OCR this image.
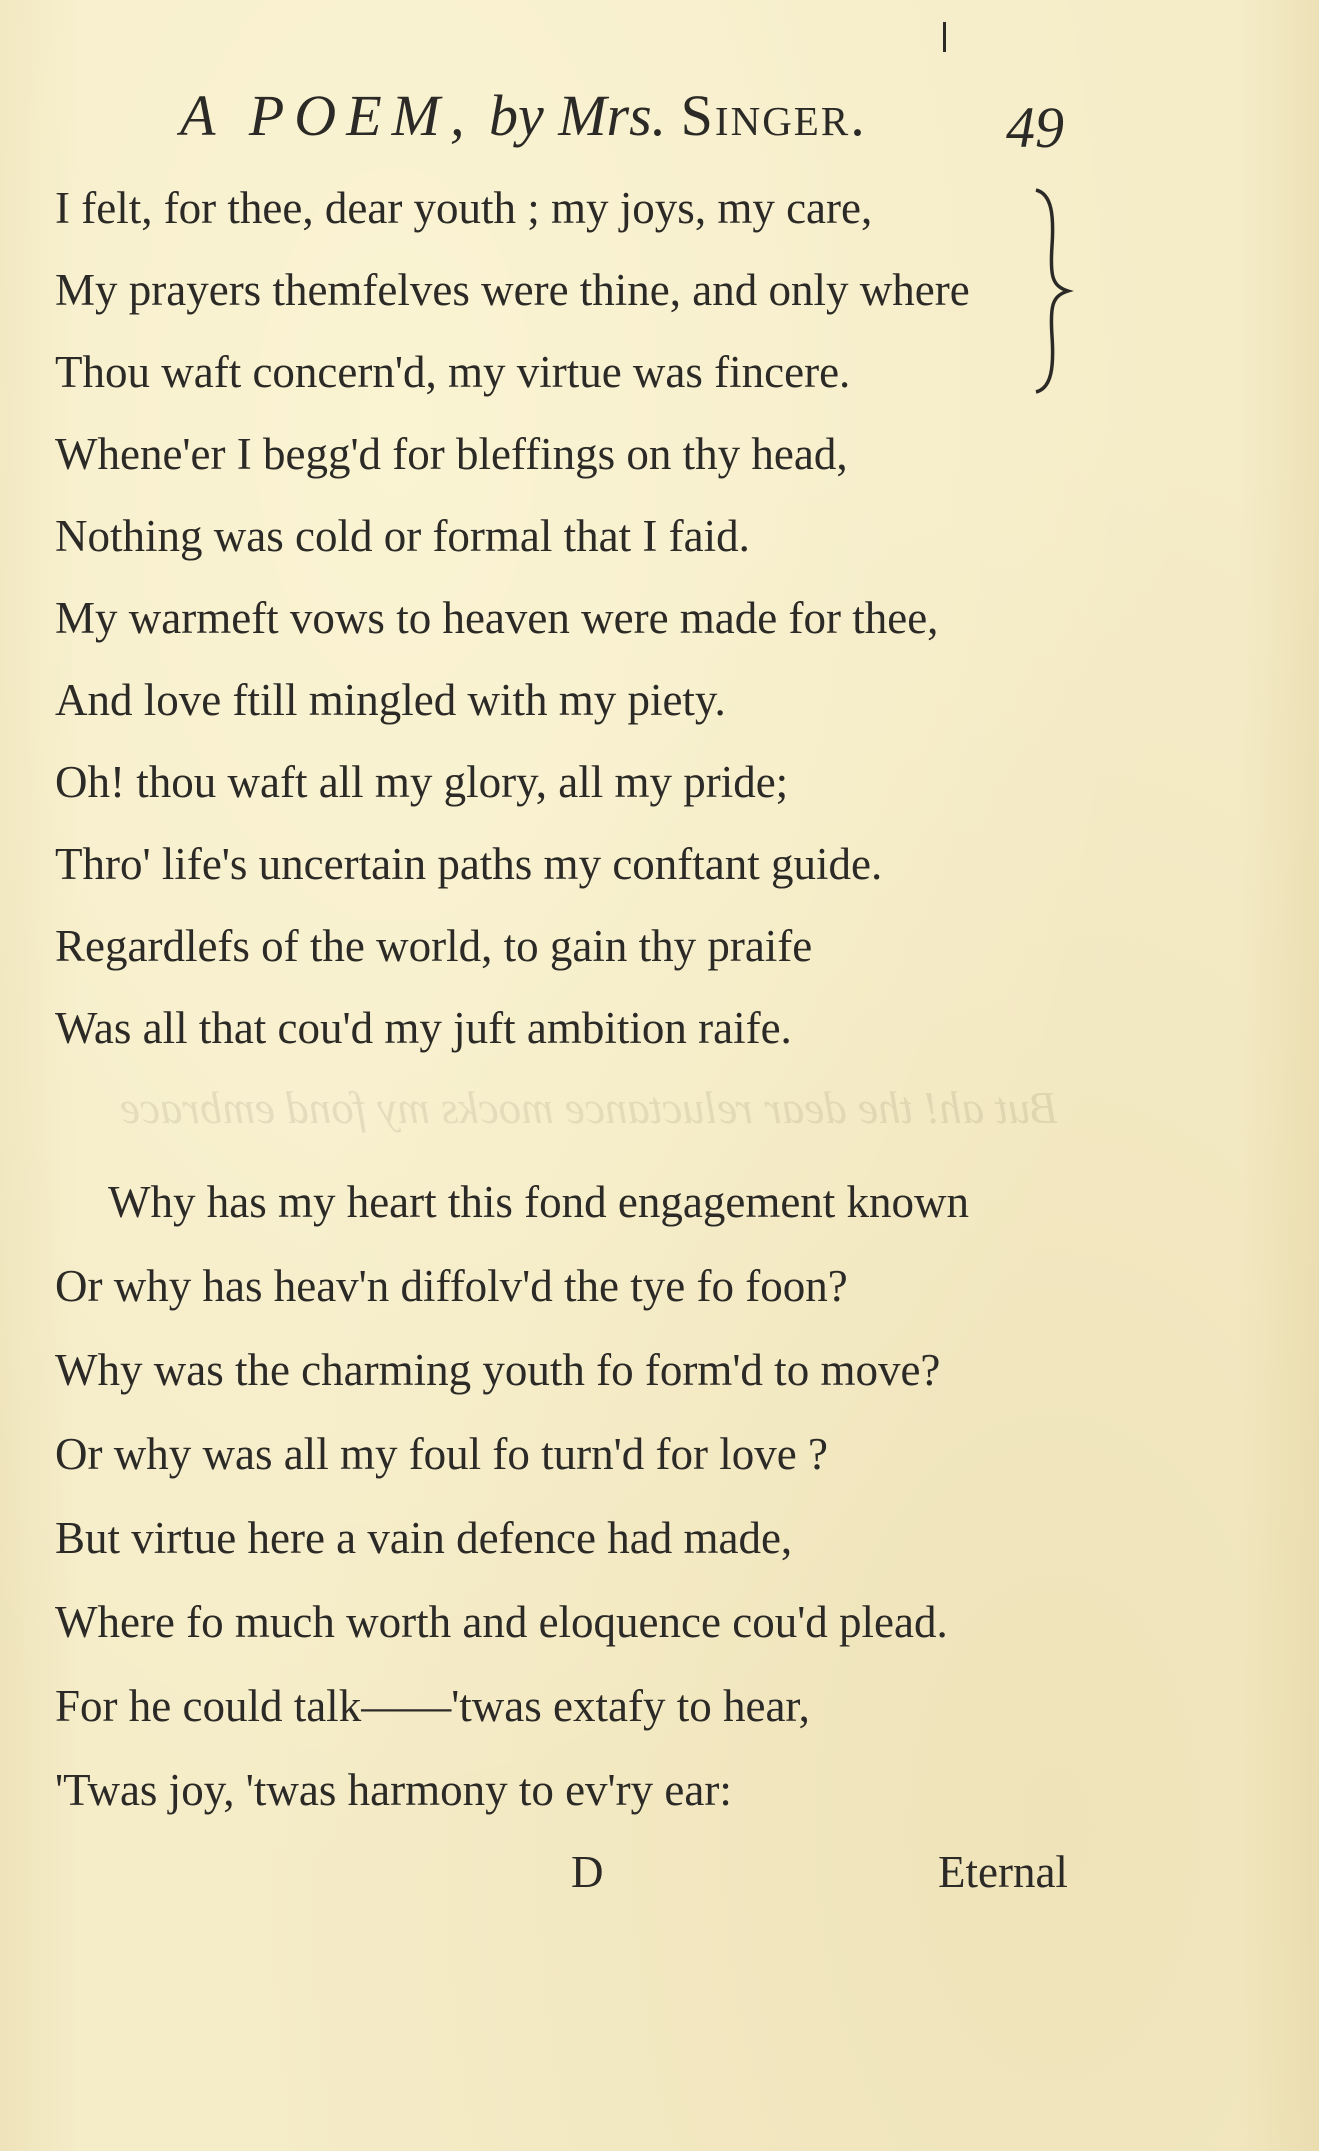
A POEM, by Mrs. Singer.	49
I felt, for thee, dear youth ; my joys, my care,
My prayers themfelves were thine, and only where
Thou waft concern'd, my virtue was fincere.
Whene'er I begg'd for bleffings on thy head,
Nothing was cold or formal that I faid.
My warmeft vows to heaven were made for thee,
And love ftill mingled with my piety.
Oh! thou waft all my glory, all my pride;
Thro' life's uncertain paths my conftant guide.
Regardlefs of the world, to gain thy praife
Was all that cou'd my juft ambition raife.
But ah! the dear reluctance mocks my fond embrace
Why has my heart this fond engagement known
Or why has heav'n diffolv'd the tye fo foon?
Why was the charming youth fo form'd to move?
Or why was all my foul fo turn'd for love ?
But virtue here a vain defence had made,
Where fo much worth and eloquence cou'd plead.
For he could talk——'twas extafy to hear,
'Twas joy, 'twas harmony to ev'ry ear:
D	Eternal
